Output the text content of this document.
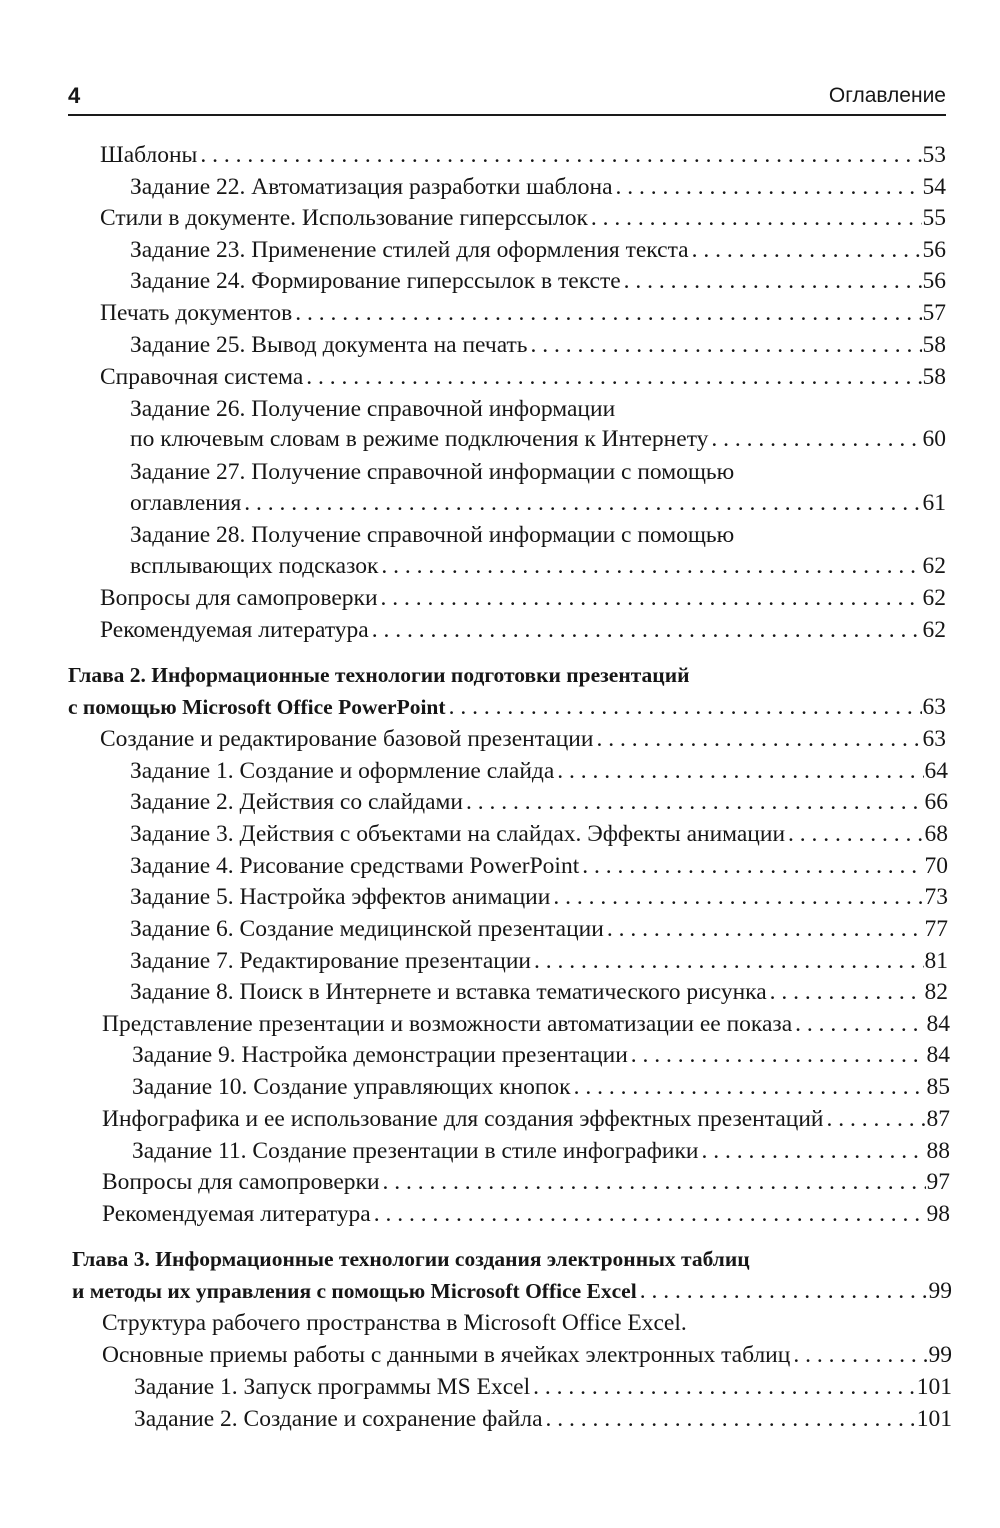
4	Оглавление
Шаблоны . . .	53
Задание 22. Автоматизация разработки шаблона . . .	54
Стили в документе. Использование гиперссылок . . .	55
Задание 23. Применение стилей для оформления текста . . .	56
Задание 24. Формирование гиперссылок в тексте . . .	56
Печать документов . . .	57
Задание 25. Вывод документа на печать . . .	58
Справочная система . . .	58
Задание 26. Получение справочной информации
по ключевым словам в режиме подключения к Интернету . . .	60
Задание 27. Получение справочной информации с помощью
оглавления . . .	61
Задание 28. Получение справочной информации с помощью
всплывающих подсказок . . .	62
Вопросы для самопроверки . . .	62
Рекомендуемая литература . . .	62
Глава 2. Информационные технологии подготовки презентаций
с помощью Microsoft Office PowerPoint . . .	63
Создание и редактирование базовой презентации . . .	63
Задание 1. Создание и оформление слайда . . .	64
Задание 2. Действия со слайдами . . .	66
Задание 3. Действия с объектами на слайдах. Эффекты анимации . . .	68
Задание 4. Рисование средствами PowerPoint . . .	70
Задание 5. Настройка эффектов анимации . . .	73
Задание 6. Создание медицинской презентации . . .	77
Задание 7. Редактирование презентации . . .	81
Задание 8. Поиск в Интернете и вставка тематического рисунка . . .	82
Представление презентации и возможности автоматизации ее показа . . .	84
Задание 9. Настройка демонстрации презентации . . .	84
Задание 10. Создание управляющих кнопок . . .	85
Инфографика и ее использование для создания эффектных презентаций . . .	87
Задание 11. Создание презентации в стиле инфографики . . .	88
Вопросы для самопроверки . . .	97
Рекомендуемая литература . . .	98
Глава 3. Информационные технологии создания электронных таблиц
и методы их управления с помощью Microsoft Office Excel . . .	99
Структура рабочего пространства в Microsoft Office Excel.
Основные приемы работы с данными в ячейках электронных таблиц . . .	99
Задание 1. Запуск программы MS Excel . . .	101
Задание 2. Создание и сохранение файла . . .	101
